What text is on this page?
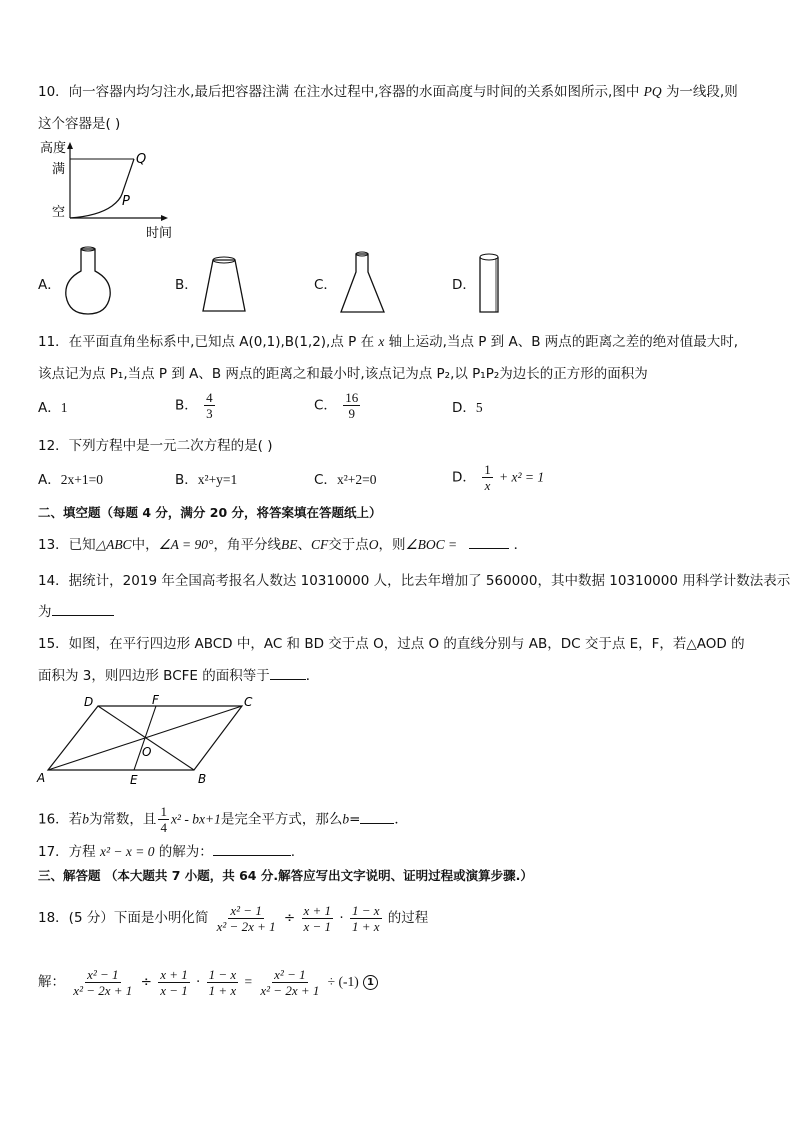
10．向一容器内均匀注水,最后把容器注满 在注水过程中,容器的水面高度与时间的关系如图所示,图中 PQ 为一线段,则
这个容器是( )
高度
满
空
Q
P
时间
A．	B．	C．	D．
11．在平面直角坐标系中,已知点 A(0,1),B(1,2),点 P 在 x 轴上运动,当点 P 到 A、B 两点的距离之差的绝对值最大时,
该点记为点 P₁,当点 P 到 A、B 两点的距离之和最小时,该点记为点 P₂,以 P₁P₂为边长的正方形的面积为
A．1	B． $\frac{4}{3}$	C． $\frac{16}{9}$	D．5
12．下列方程中是一元二次方程的是( )
A．2x+1=0	B．x²+y=1	C．x²+2=0	D． $\frac{1}{x} + x^2 = 1$
二、填空题（每题 4 分，满分 20 分，将答案填在答题纸上）
13．已知△ABC中，∠A = 90°，角平分线BE、CF交于点O，则∠BOC =	．
14．据统计，2019 年全国高考报名人数达 10310000 人，比去年增加了 560000，其中数据 10310000 用科学计数法表示
为
15．如图，在平行四边形 ABCD 中，AC 和 BD 交于点 O，过点 O 的直线分别与 AB，DC 交于点 E，F，若△AOD 的
面积为 3，则四边形 BCFE 的面积等于	．
D	F	C
O
A	E	B
16．若b为常数，且 $\frac{1}{4} x^2 - bx+1$是完全平方式，那么b=	．
17．方程 x² − x = 0 的解为：	.
三、解答题 （本大题共 7 小题，共 64 分.解答应写出文字说明、证明过程或演算步骤.）
18．(5 分）下面是小明化简 $\frac{\text{x² − 1}}{\text{x² − 2x + 1}} \div \frac{x + 1}{x - 1} \cdot \frac{1 - x}{1 + x}$ 的过程
解： $\frac{\text{x² − 1}}{\text{x² − 2x + 1}} \div \frac{x + 1}{x - 1} \cdot \frac{1 - x}{1 + x} = \frac{\text{x² − 1}}{\text{x² − 2x + 1}} \div (-1)$ 1
